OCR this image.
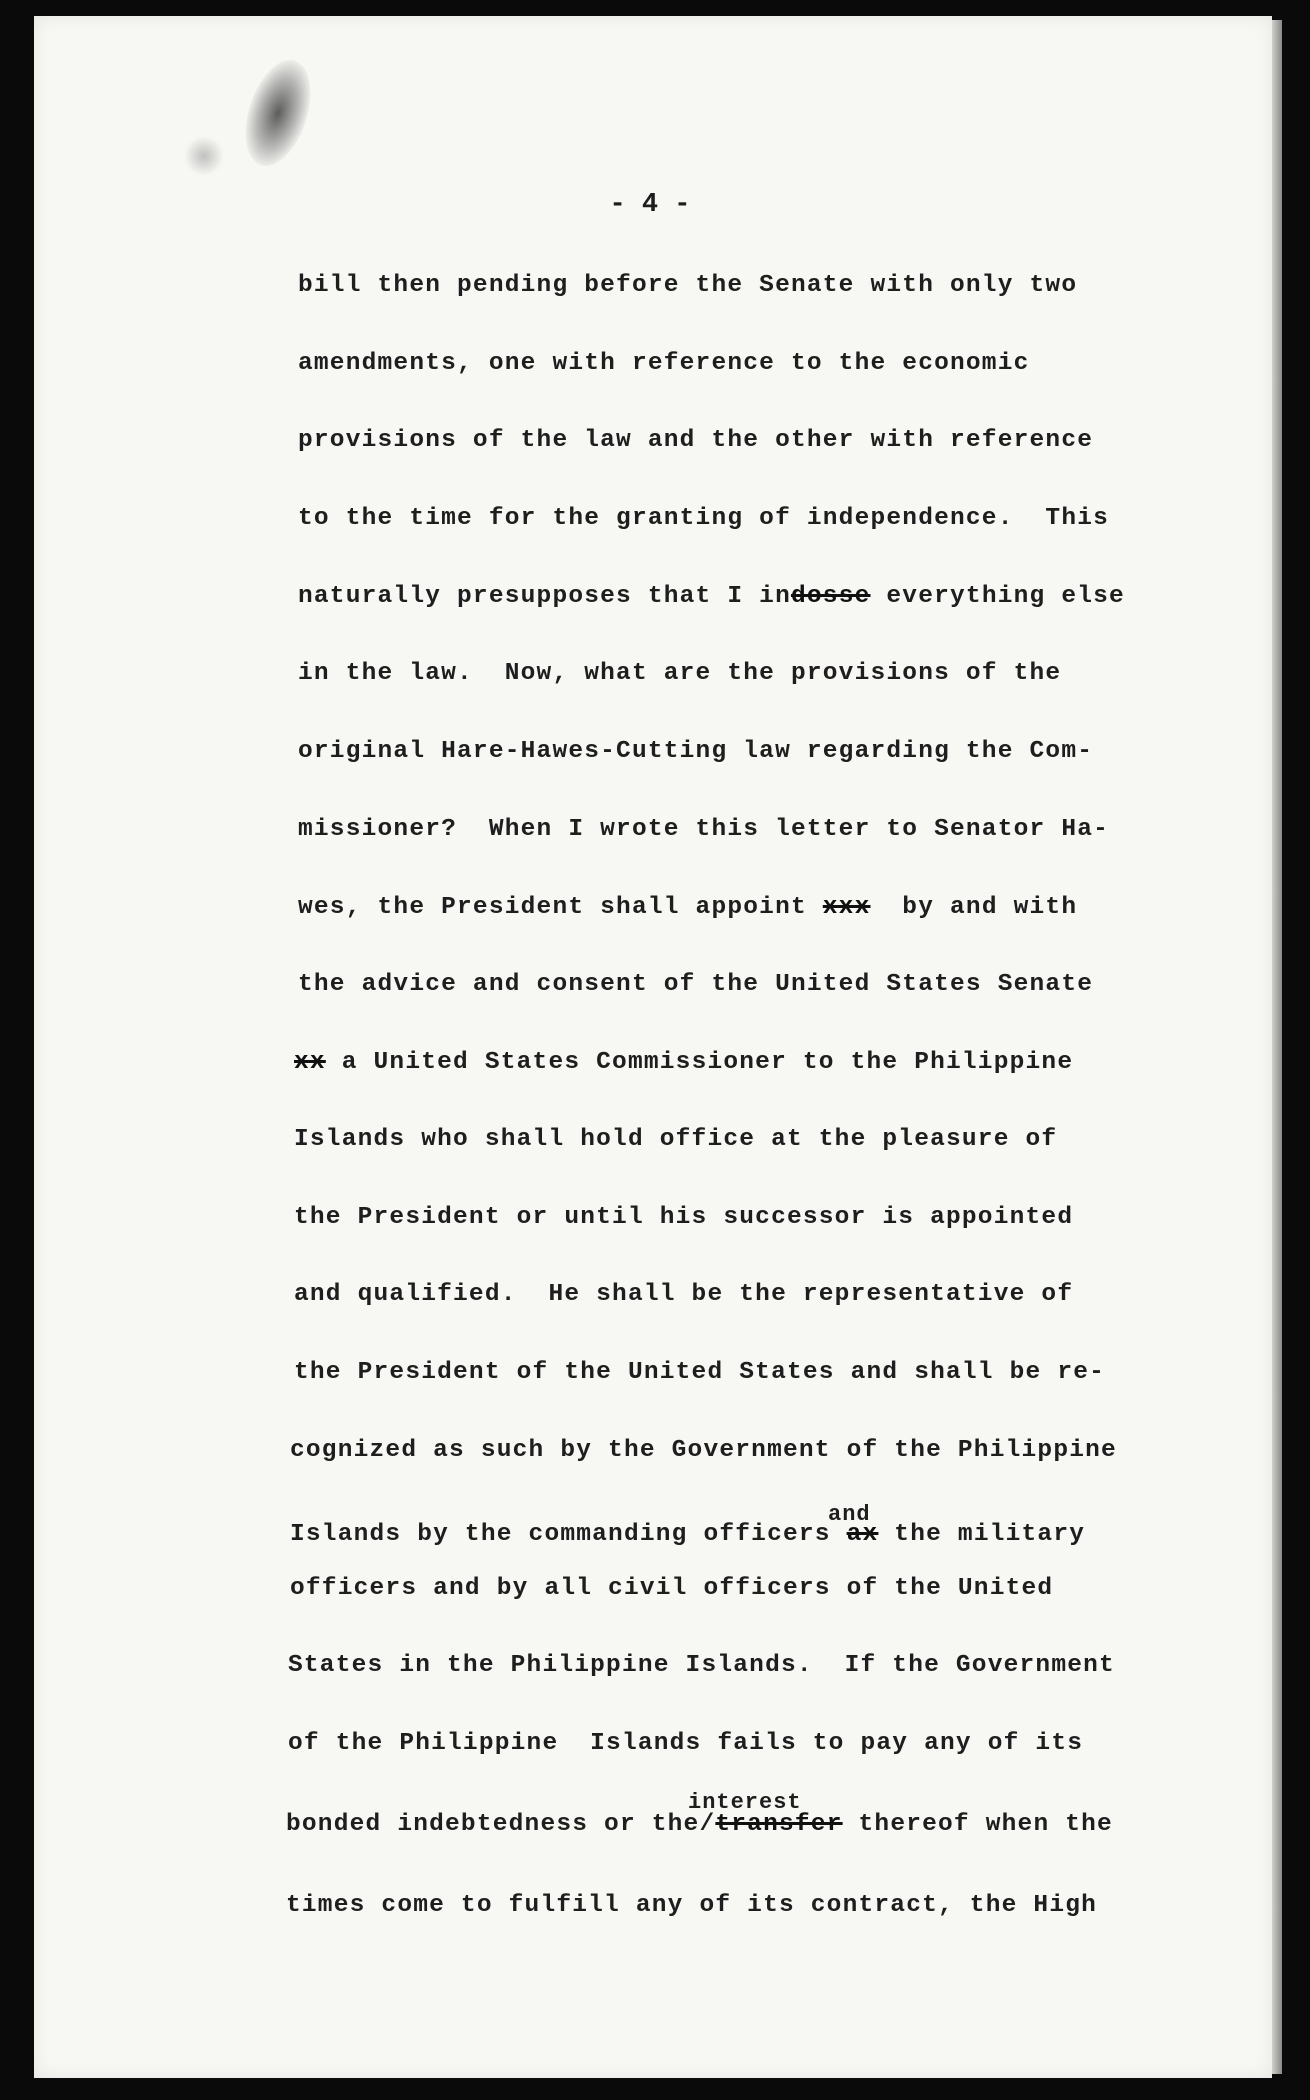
- 4 -
bill then pending before the Senate with only two
amendments, one with reference to the economic
provisions of the law and the other with reference
to the time for the granting of independence.  This
naturally presupposes that I indosse everything else
in the law.  Now, what are the provisions of the
original Hare-Hawes-Cutting law regarding the Com-
missioner?  When I wrote this letter to Senator Ha-
wes, the President shall appoint xxx  by and with
the advice and consent of the United States Senate
xx a United States Commissioner to the Philippine
Islands who shall hold office at the pleasure of
the President or until his successor is appointed
and qualified.  He shall be the representative of
the President of the United States and shall be re-
cognized as such by the Government of the Philippine
Islands by the commanding officers ax the military
officers and by all civil officers of the United
States in the Philippine Islands.  If the Government
of the Philippine  Islands fails to pay any of its
bonded indebtedness or the/transfer thereof when the
times come to fulfill any of its contract, the High
and
interest
